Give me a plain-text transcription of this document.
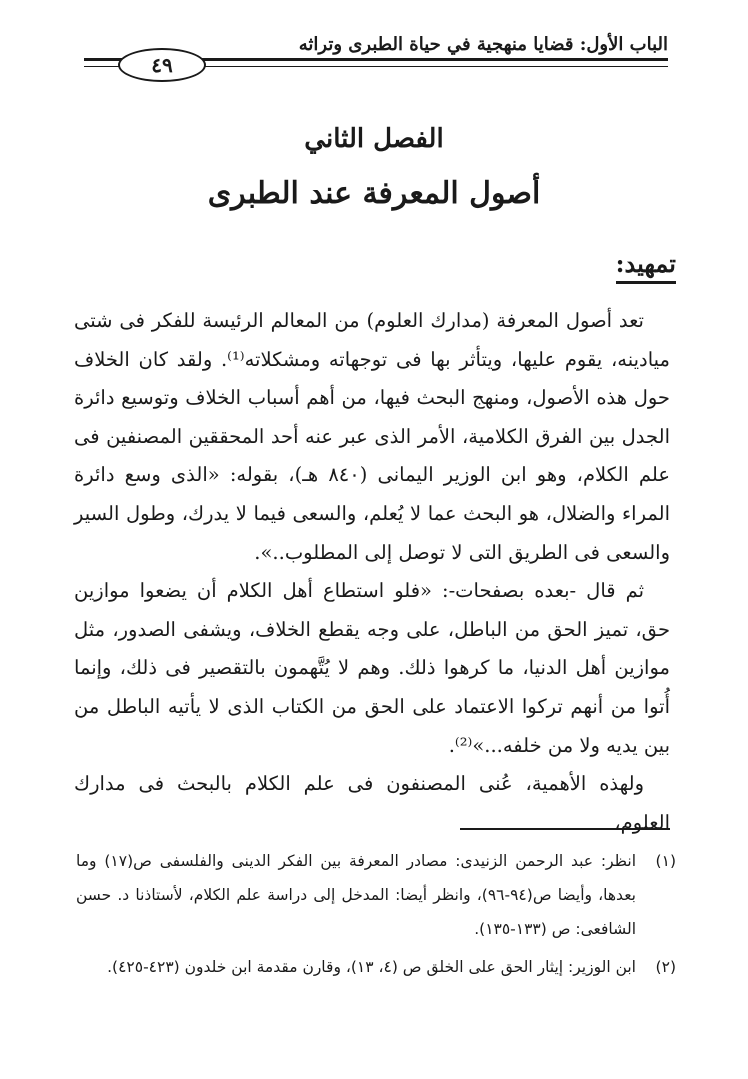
الباب الأول: قضايا منهجية في حياة الطبرى وتراثه
٤٩
الفصل الثاني
أصول المعرفة عند الطبرى
تمهيد:

تعد أصول المعرفة (مدارك العلوم) من المعالم الرئيسة للفكر فى شتى ميادينه، يقوم عليها، ويتأثر بها فى توجهاته ومشكلاته⁽¹⁾. ولقد كان الخلاف حول هذه الأصول، ومنهج البحث فيها، من أهم أسباب الخلاف وتوسيع دائرة الجدل بين الفرق الكلامية، الأمر الذى عبر عنه أحد المحققين المصنفين فى علم الكلام، وهو ابن الوزير اليمانى (٨٤٠ هـ)، بقوله: «الذى وسع دائرة المراء والضلال، هو البحث عما لا يُعلم، والسعى فيما لا يدرك، وطول السير والسعى فى الطريق التى لا توصل إلى المطلوب..».

ثم قال -بعده بصفحات-: «فلو استطاع أهل الكلام أن يضعوا موازين حق، تميز الحق من الباطل، على وجه يقطع الخلاف، ويشفى الصدور، مثل موازين أهل الدنيا، ما كرهوا ذلك. وهم لا يُتَّهمون بالتقصير فى ذلك، وإنما أُتوا من أنهم تركوا الاعتماد على الحق من الكتاب الذى لا يأتيه الباطل من بين يديه ولا من خلفه...»⁽²⁾.

ولهذه الأهمية، عُنى المصنفون فى علم الكلام بالبحث فى مدارك العلوم،

(١)
انظر: عبد الرحمن الزنيدى: مصادر المعرفة بين الفكر الدينى والفلسفى ص(١٧) وما بعدها، وأيضا ص(٩٤-٩٦)، وانظر أيضا: المدخل إلى دراسة علم الكلام، لأستاذنا د. حسن الشافعى: ص (١٣٣-١٣٥).
(٢)
ابن الوزير: إيثار الحق على الخلق ص (٤، ١٣)، وقارن مقدمة ابن خلدون (٤٢٣-٤٢٥).
